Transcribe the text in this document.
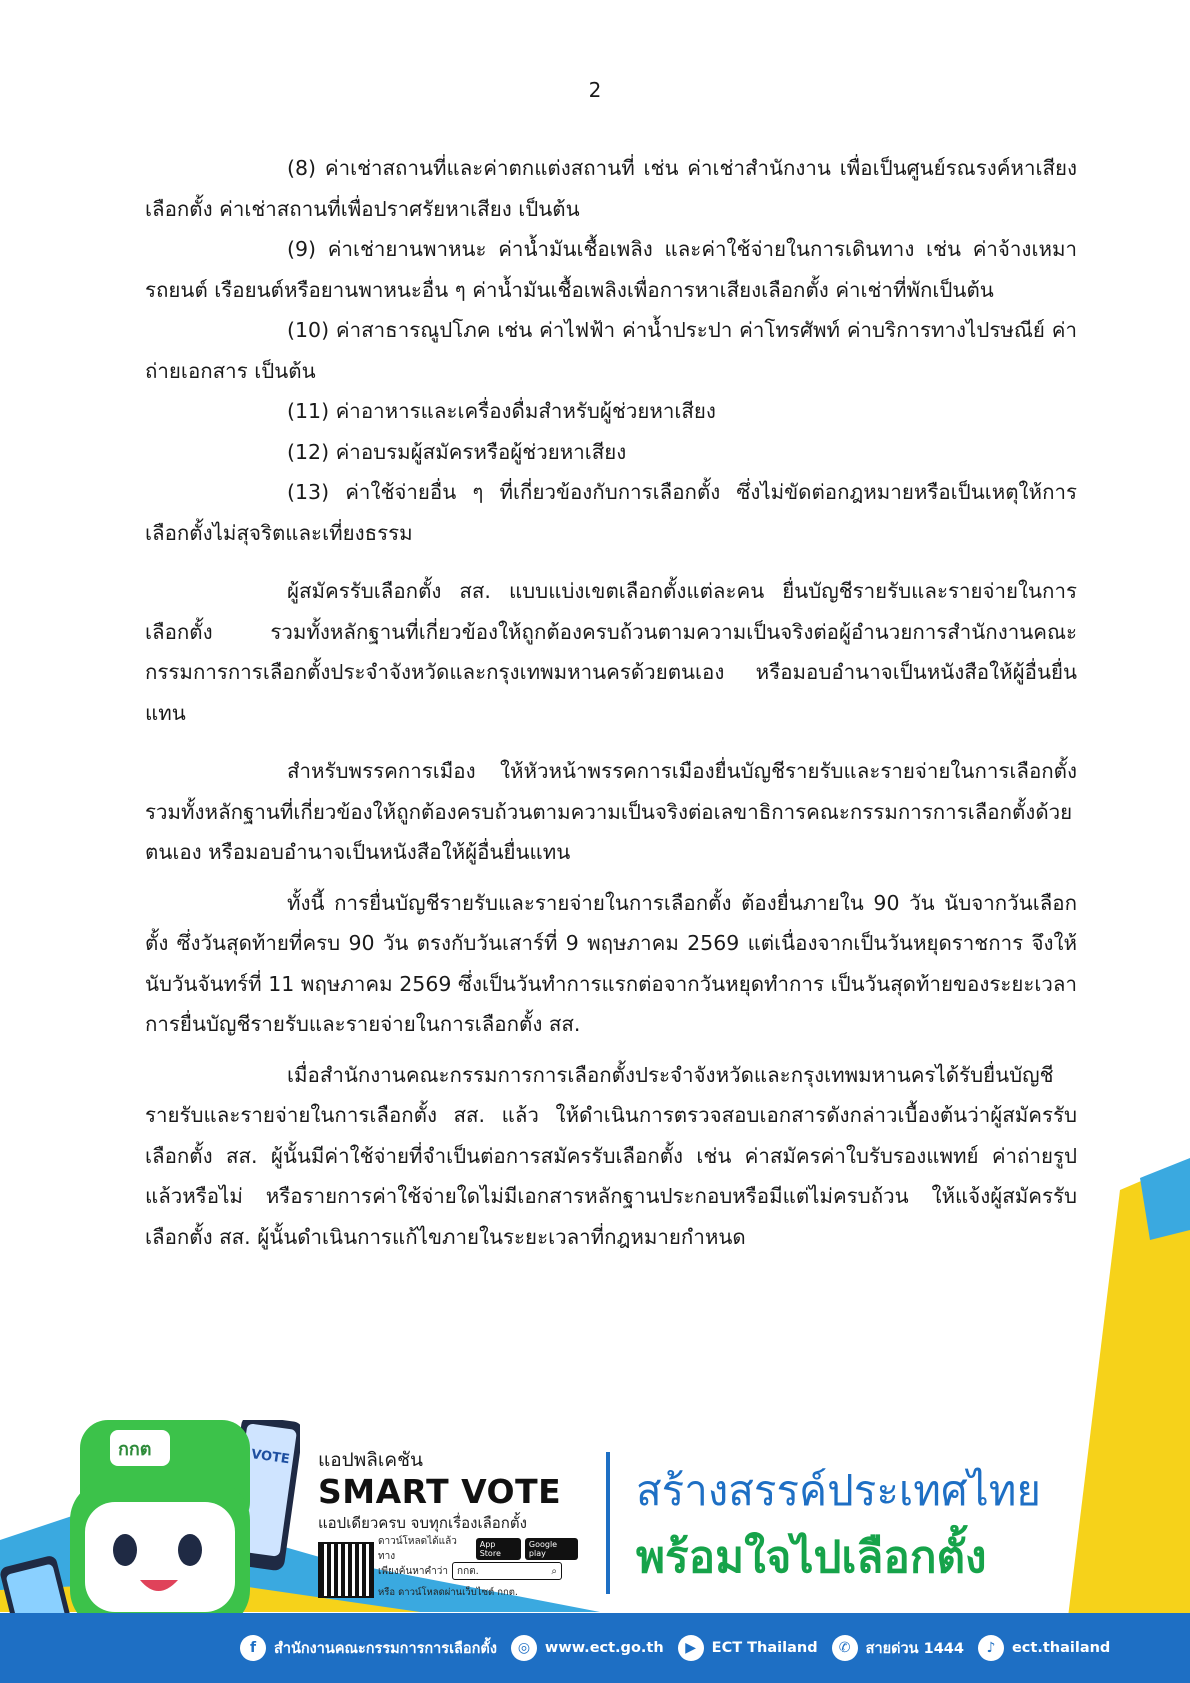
2

(8) ค่าเช่าสถานที่และค่าตกแต่งสถานที่ เช่น ค่าเช่าสำนักงาน เพื่อเป็นศูนย์รณรงค์หาเสียงเลือกตั้ง ค่าเช่าสถานที่เพื่อปราศรัยหาเสียง เป็นต้น

(9) ค่าเช่ายานพาหนะ ค่าน้ำมันเชื้อเพลิง และค่าใช้จ่ายในการเดินทาง เช่น ค่าจ้างเหมารถยนต์ เรือยนต์หรือยานพาหนะอื่น ๆ ค่าน้ำมันเชื้อเพลิงเพื่อการหาเสียงเลือกตั้ง ค่าเช่าที่พักเป็นต้น

(10) ค่าสาธารณูปโภค เช่น ค่าไฟฟ้า ค่าน้ำประปา ค่าโทรศัพท์ ค่าบริการทางไปรษณีย์ ค่าถ่ายเอกสาร เป็นต้น

(11) ค่าอาหารและเครื่องดื่มสำหรับผู้ช่วยหาเสียง

(12) ค่าอบรมผู้สมัครหรือผู้ช่วยหาเสียง

(13) ค่าใช้จ่ายอื่น ๆ ที่เกี่ยวข้องกับการเลือกตั้ง ซึ่งไม่ขัดต่อกฎหมายหรือเป็นเหตุให้การเลือกตั้งไม่สุจริตและเที่ยงธรรม

ผู้สมัครรับเลือกตั้ง สส. แบบแบ่งเขตเลือกตั้งแต่ละคน ยื่นบัญชีรายรับและรายจ่ายในการเลือกตั้ง รวมทั้งหลักฐานที่เกี่ยวข้องให้ถูกต้องครบถ้วนตามความเป็นจริงต่อผู้อำนวยการสำนักงานคณะกรรมการการเลือกตั้งประจำจังหวัดและกรุงเทพมหานครด้วยตนเอง หรือมอบอำนาจเป็นหนังสือให้ผู้อื่นยื่นแทน

สำหรับพรรคการเมือง ให้หัวหน้าพรรคการเมืองยื่นบัญชีรายรับและรายจ่ายในการเลือกตั้ง รวมทั้งหลักฐานที่เกี่ยวข้องให้ถูกต้องครบถ้วนตามความเป็นจริงต่อเลขาธิการคณะกรรมการการเลือกตั้งด้วยตนเอง หรือมอบอำนาจเป็นหนังสือให้ผู้อื่นยื่นแทน

ทั้งนี้ การยื่นบัญชีรายรับและรายจ่ายในการเลือกตั้ง ต้องยื่นภายใน 90 วัน นับจากวันเลือกตั้ง ซึ่งวันสุดท้ายที่ครบ 90 วัน ตรงกับวันเสาร์ที่ 9 พฤษภาคม 2569 แต่เนื่องจากเป็นวันหยุดราชการ จึงให้นับวันจันทร์ที่ 11 พฤษภาคม 2569 ซึ่งเป็นวันทำการแรกต่อจากวันหยุดทำการ เป็นวันสุดท้ายของระยะเวลาการยื่นบัญชีรายรับและรายจ่ายในการเลือกตั้ง สส.

เมื่อสำนักงานคณะกรรมการการเลือกตั้งประจำจังหวัดและกรุงเทพมหานครได้รับยื่นบัญชีรายรับและรายจ่ายในการเลือกตั้ง สส. แล้ว ให้ดำเนินการตรวจสอบเอกสารดังกล่าวเบื้องต้นว่าผู้สมัครรับเลือกตั้ง สส. ผู้นั้นมีค่าใช้จ่ายที่จำเป็นต่อการสมัครรับเลือกตั้ง เช่น ค่าสมัครค่าใบรับรองแพทย์ ค่าถ่ายรูป แล้วหรือไม่ หรือรายการค่าใช้จ่ายใดไม่มีเอกสารหลักฐานประกอบหรือมีแต่ไม่ครบถ้วน ให้แจ้งผู้สมัครรับเลือกตั้ง สส. ผู้นั้นดำเนินการแก้ไขภายในระยะเวลาที่กฎหมายกำหนด

VOTE
กกต	แอปพลิเคชัน
SMART VOTE
แอปเดียวครบ จบทุกเรื่องเลือกตั้ง
ดาวน์โหลดได้แล้ว ทาง
App Store
Google play
เพียงค้นหาคำว่า กกต.	⌕
หรือ ดาวน์โหลดผ่านเว็บไซต์ กกต.
สร้างสรรค์ประเทศไทย
พร้อมใจไปเลือกตั้ง
f	สำนักงานคณะกรรมการการเลือกตั้ง	◎	www.ect.go.th	▶	ECT Thailand	✆	สายด่วน 1444	♪	ect.thailand
